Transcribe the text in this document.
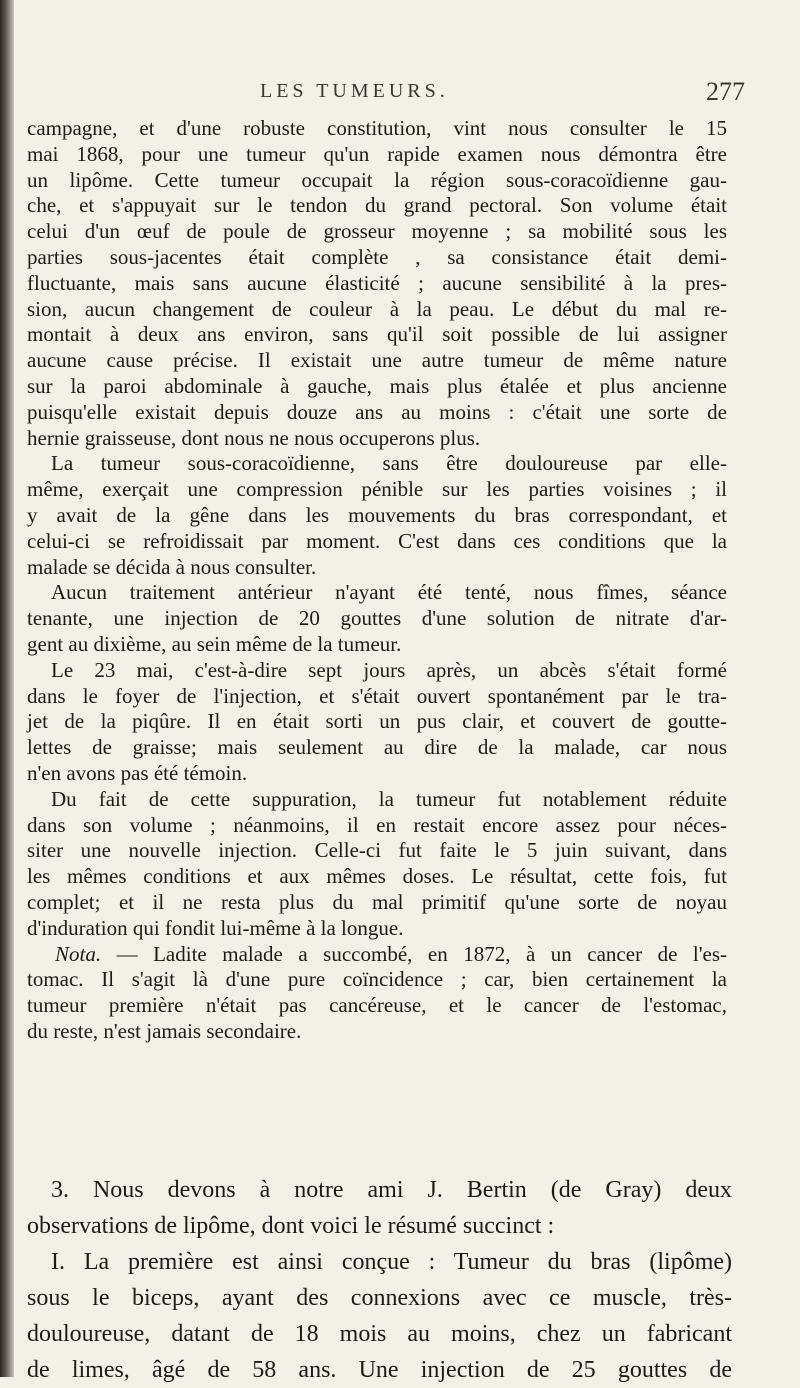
LES TUMEURS.	277
campagne, et d'une robuste constitution, vint nous consulter le 15
mai 1868, pour une tumeur qu'un rapide examen nous démontra être
un lipôme. Cette tumeur occupait la région sous-coracoïdienne gau-
che, et s'appuyait sur le tendon du grand pectoral. Son volume était
celui d'un œuf de poule de grosseur moyenne ; sa mobilité sous les
parties sous-jacentes était complète , sa consistance était demi-
fluctuante, mais sans aucune élasticité ; aucune sensibilité à la pres-
sion, aucun changement de couleur à la peau. Le début du mal re-
montait à deux ans environ, sans qu'il soit possible de lui assigner
aucune cause précise. Il existait une autre tumeur de même nature
sur la paroi abdominale à gauche, mais plus étalée et plus ancienne
puisqu'elle existait depuis douze ans au moins : c'était une sorte de
hernie graisseuse, dont nous ne nous occuperons plus.
La tumeur sous-coracoïdienne, sans être douloureuse par elle-
même, exerçait une compression pénible sur les parties voisines ; il
y avait de la gêne dans les mouvements du bras correspondant, et
celui-ci se refroidissait par moment. C'est dans ces conditions que la
malade se décida à nous consulter.
Aucun traitement antérieur n'ayant été tenté, nous fîmes, séance
tenante, une injection de 20 gouttes d'une solution de nitrate d'ar-
gent au dixième, au sein même de la tumeur.
Le 23 mai, c'est-à-dire sept jours après, un abcès s'était formé
dans le foyer de l'injection, et s'était ouvert spontanément par le tra-
jet de la piqûre. Il en était sorti un pus clair, et couvert de goutte-
lettes de graisse; mais seulement au dire de la malade, car nous
n'en avons pas été témoin.
Du fait de cette suppuration, la tumeur fut notablement réduite
dans son volume ; néanmoins, il en restait encore assez pour néces-
siter une nouvelle injection. Celle-ci fut faite le 5 juin suivant, dans
les mêmes conditions et aux mêmes doses. Le résultat, cette fois, fut
complet; et il ne resta plus du mal primitif qu'une sorte de noyau
d'induration qui fondit lui-même à la longue.
Nota. — Ladite malade a succombé, en 1872, à un cancer de l'es-
tomac. Il s'agit là d'une pure coïncidence ; car, bien certainement la
tumeur première n'était pas cancéreuse, et le cancer de l'estomac,
du reste, n'est jamais secondaire.
3. Nous devons à notre ami J. Bertin (de Gray) deux
observations de lipôme, dont voici le résumé succinct :
I. La première est ainsi conçue : Tumeur du bras (lipôme)
sous le biceps, ayant des connexions avec ce muscle, très-
douloureuse, datant de 18 mois au moins, chez un fabricant
de limes, âgé de 58 ans. Une injection de 25 gouttes de
